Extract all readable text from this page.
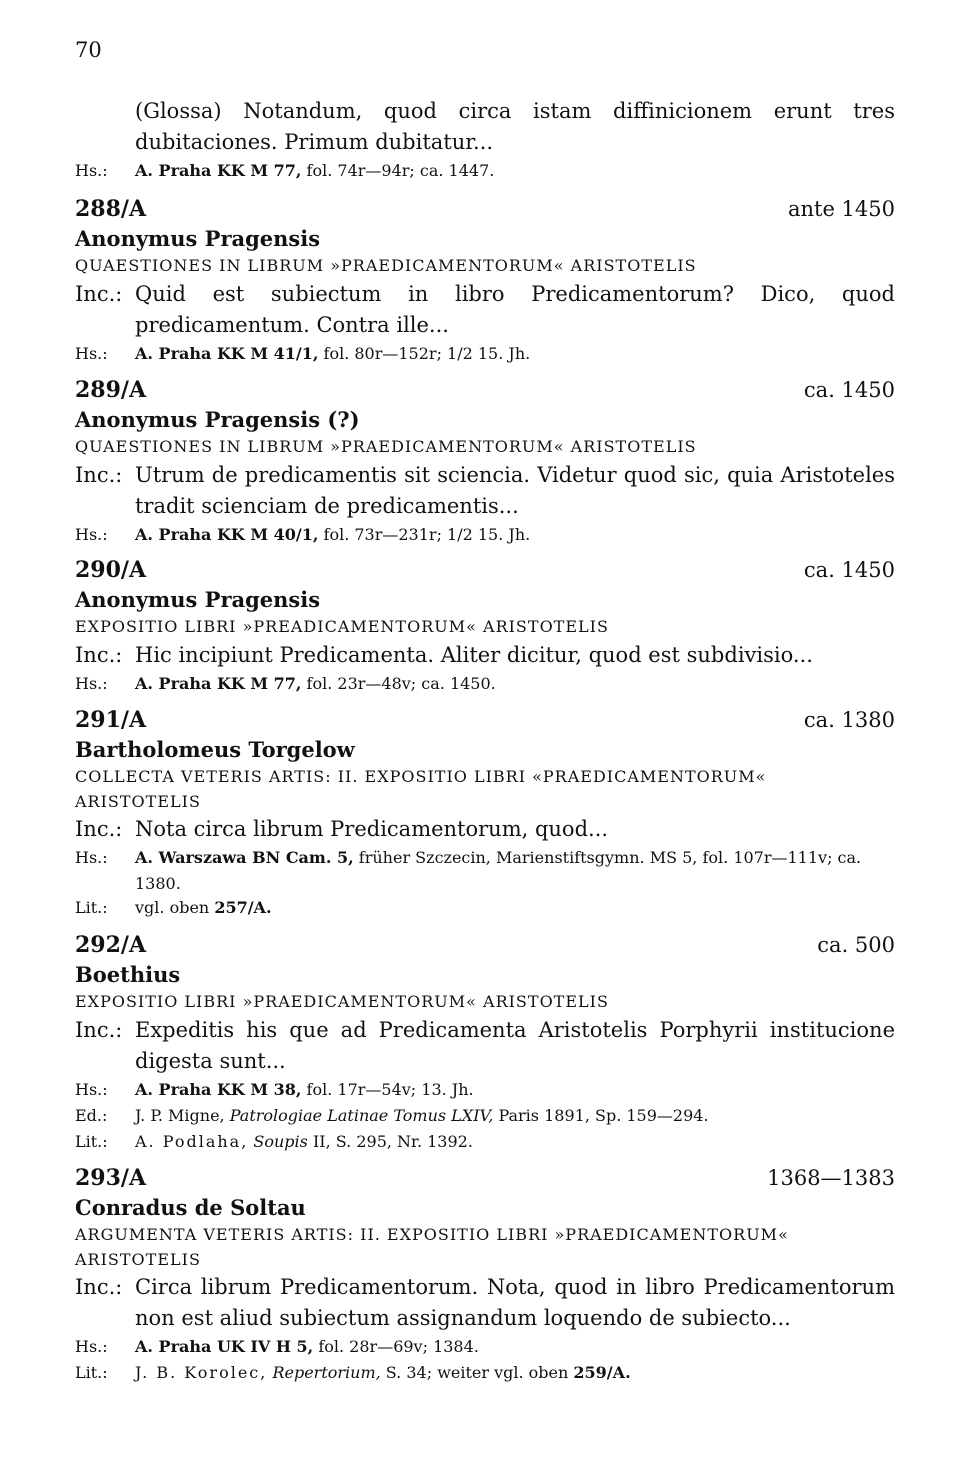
70
(Glossa) Notandum, quod circa istam diffinicionem erunt tres dubitaciones. Primum dubitatur...
Hs.:	A. Praha KK M 77, fol. 74r—94r; ca. 1447.
288/A	ante 1450
Anonymus Pragensis
QUAESTIONES IN LIBRUM »PRAEDICAMENTORUM« ARISTOTELIS
Inc.: Quid est subiectum in libro Predicamentorum? Dico, quod predicamentum. Contra ille...
Hs.:	A. Praha KK M 41/1, fol. 80r—152r; 1/2 15. Jh.
289/A	ca. 1450
Anonymus Pragensis (?)
QUAESTIONES IN LIBRUM »PRAEDICAMENTORUM« ARISTOTELIS
Inc.: Utrum de predicamentis sit sciencia. Videtur quod sic, quia Aristoteles tradit scienciam de predicamentis...
Hs.:	A. Praha KK M 40/1, fol. 73r—231r; 1/2 15. Jh.
290/A	ca. 1450
Anonymus Pragensis
EXPOSITIO LIBRI »PREADICAMENTORUM« ARISTOTELIS
Inc.: Hic incipiunt Predicamenta. Aliter dicitur, quod est subdivisio...
Hs.:	A. Praha KK M 77, fol. 23r—48v; ca. 1450.
291/A	ca. 1380
Bartholomeus Torgelow
COLLECTA VETERIS ARTIS: II. EXPOSITIO LIBRI «PRAEDICAMENTORUM« ARISTOTELIS
Inc.: Nota circa librum Predicamentorum, quod...
Hs.:	A. Warszawa BN Cam. 5, früher Szczecin, Marienstiftsgymn. MS 5, fol. 107r—111v; ca. 1380.
Lit.:	vgl. oben 257/A.
292/A	ca. 500
Boethius
EXPOSITIO LIBRI »PRAEDICAMENTORUM« ARISTOTELIS
Inc.: Expeditis his que ad Predicamenta Aristotelis Porphyrii institucione digesta sunt...
Hs.:	A. Praha KK M 38, fol. 17r—54v; 13. Jh.
Ed.:	J. P. Migne, Patrologiae Latinae Tomus LXIV, Paris 1891, Sp. 159—294.
Lit.:	A. Podlaha, Soupis II, S. 295, Nr. 1392.
293/A	1368—1383
Conradus de Soltau
ARGUMENTA VETERIS ARTIS: II. EXPOSITIO LIBRI »PRAEDICAMENTORUM« ARISTOTELIS
Inc.: Circa librum Predicamentorum. Nota, quod in libro Predicamentorum non est aliud subiectum assignandum loquendo de subiecto...
Hs.:	A. Praha UK IV H 5, fol. 28r—69v; 1384.
Lit.:	J. B. Korolec, Repertorium, S. 34; weiter vgl. oben 259/A.
